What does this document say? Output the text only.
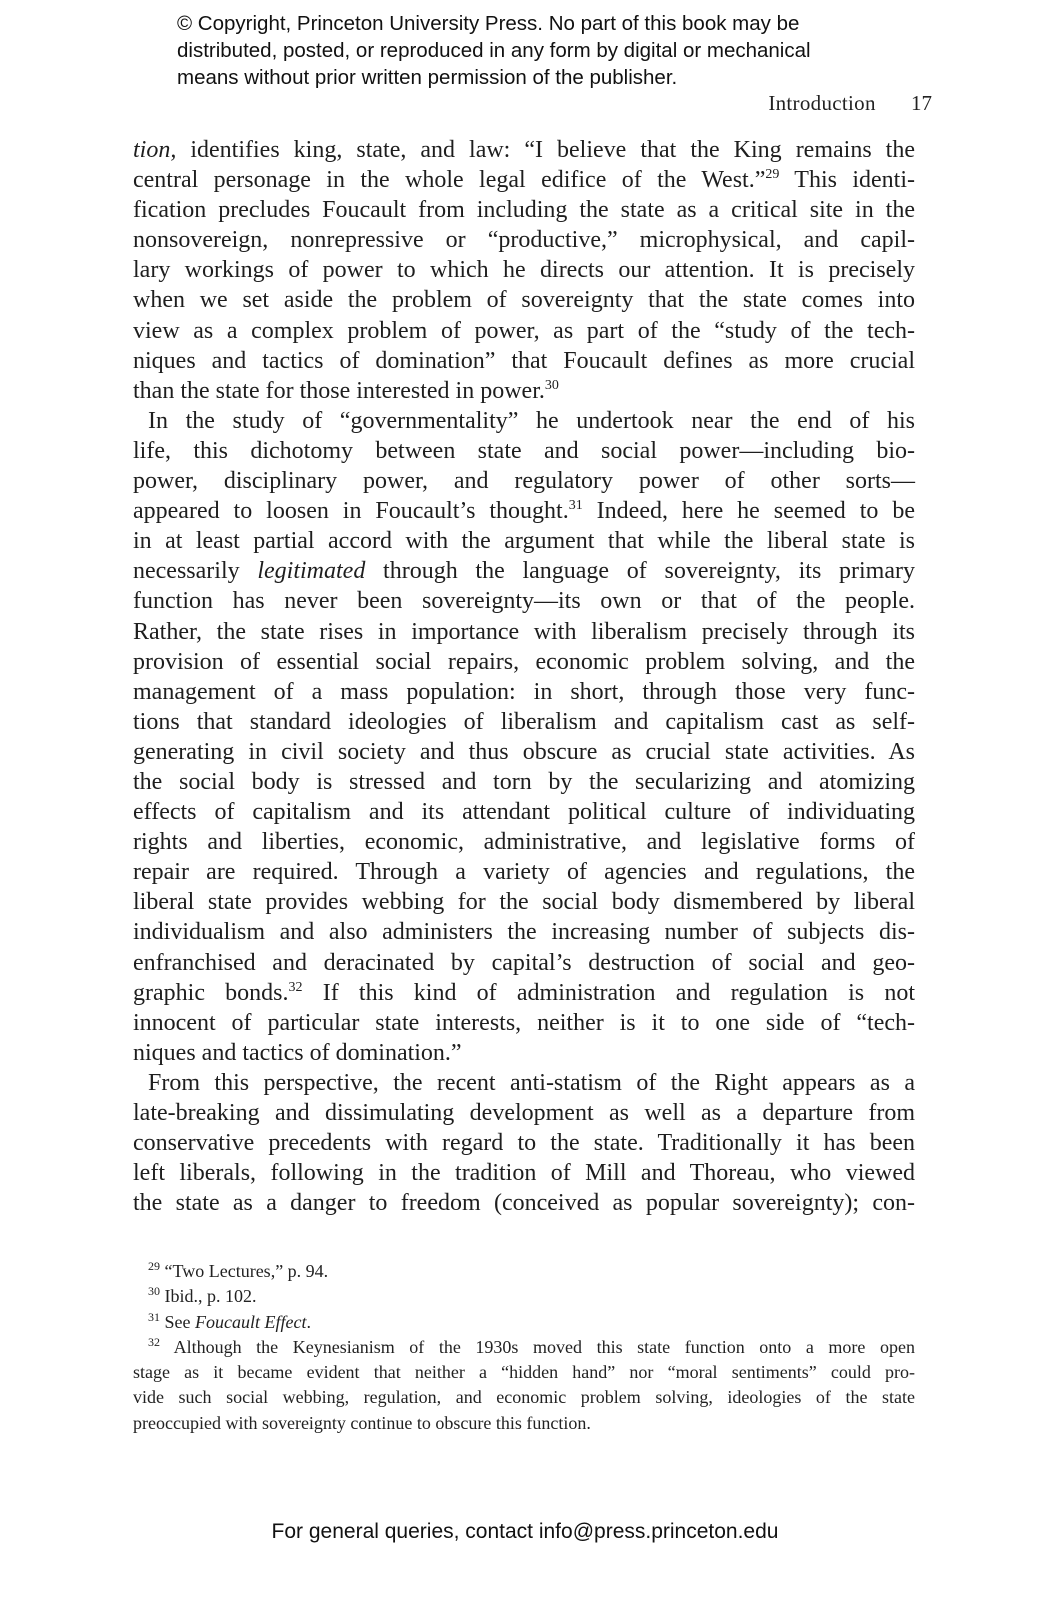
© Copyright, Princeton University Press. No part of this book may be
distributed, posted, or reproduced in any form by digital or mechanical
means without prior written permission of the publisher.
Introduction 17
tion, identifies king, state, and law: “I believe that the King remains the
central personage in the whole legal edifice of the West.”$^{29}$ This identi-
fication precludes Foucault from including the state as a critical site in the
nonsovereign, nonrepressive or “productive,” microphysical, and capil-
lary workings of power to which he directs our attention. It is precisely
when we set aside the problem of sovereignty that the state comes into
view as a complex problem of power, as part of the “study of the tech-
niques and tactics of domination” that Foucault defines as more crucial
than the state for those interested in power.$^{30}$
In the study of “governmentality” he undertook near the end of his
life, this dichotomy between state and social power—including bio-
power, disciplinary power, and regulatory power of other sorts—
appeared to loosen in Foucault’s thought.$^{31}$ Indeed, here he seemed to be
in at least partial accord with the argument that while the liberal state is
necessarily legitimated through the language of sovereignty, its primary
function has never been sovereignty—its own or that of the people.
Rather, the state rises in importance with liberalism precisely through its
provision of essential social repairs, economic problem solving, and the
management of a mass population: in short, through those very func-
tions that standard ideologies of liberalism and capitalism cast as self-
generating in civil society and thus obscure as crucial state activities. As
the social body is stressed and torn by the secularizing and atomizing
effects of capitalism and its attendant political culture of individuating
rights and liberties, economic, administrative, and legislative forms of
repair are required. Through a variety of agencies and regulations, the
liberal state provides webbing for the social body dismembered by liberal
individualism and also administers the increasing number of subjects dis-
enfranchised and deracinated by capital’s destruction of social and geo-
graphic bonds.$^{32}$ If this kind of administration and regulation is not
innocent of particular state interests, neither is it to one side of “tech-
niques and tactics of domination.”
From this perspective, the recent anti-statism of the Right appears as a
late-breaking and dissimulating development as well as a departure from
conservative precedents with regard to the state. Traditionally it has been
left liberals, following in the tradition of Mill and Thoreau, who viewed
the state as a danger to freedom (conceived as popular sovereignty); con-
$^{29}$ “Two Lectures,” p. 94.
$^{30}$ Ibid., p. 102.
$^{31}$ See Foucault Effect.
$^{32}$ Although the Keynesianism of the 1930s moved this state function onto a more open
stage as it became evident that neither a “hidden hand” nor “moral sentiments” could pro-
vide such social webbing, regulation, and economic problem solving, ideologies of the state
preoccupied with sovereignty continue to obscure this function.
For general queries, contact info@press.princeton.edu
